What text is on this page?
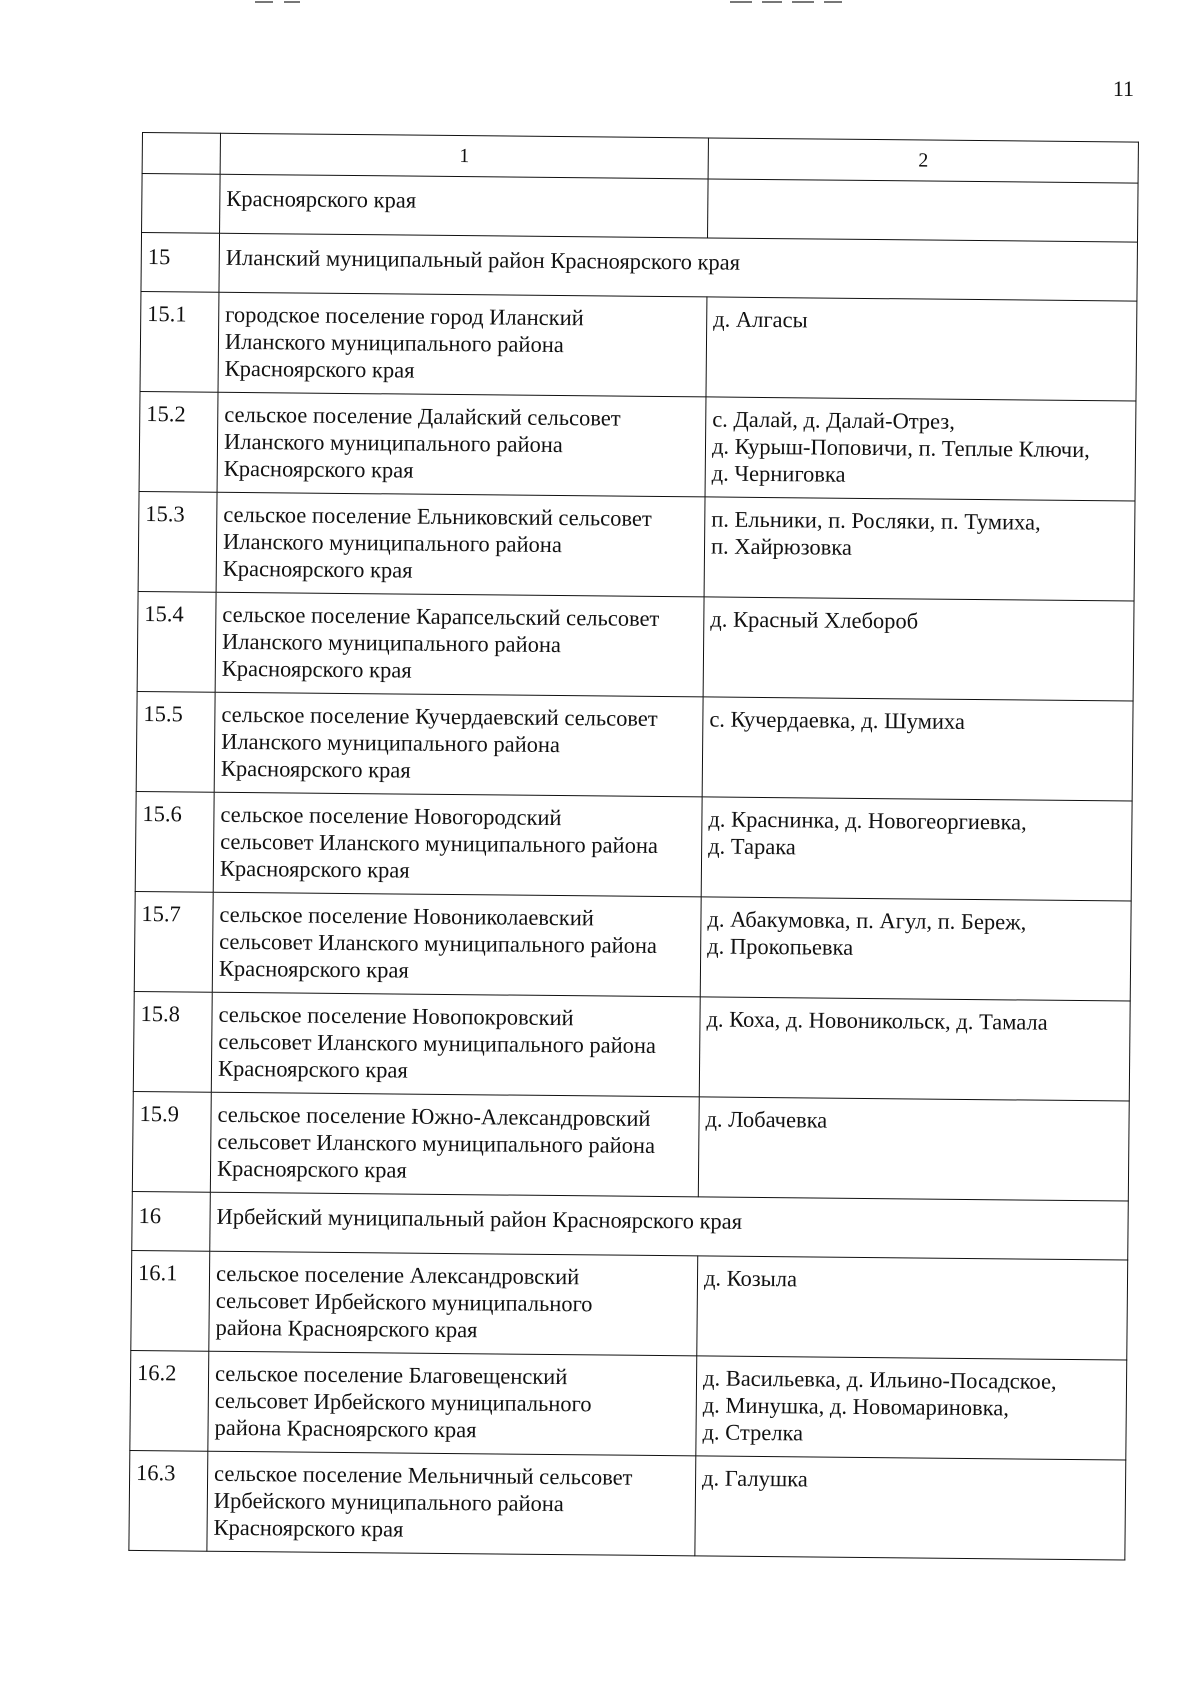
11
	1	2
	Красноярского края	
15	Иланский муниципальный район Красноярского края	

15.1	городское поселение город Иланский
Иланского муниципального района
Красноярского края	д. Алгасы

15.2	сельское поселение Далайский сельсовет
Иланского муниципального района
Красноярского края	с. Далай, д. Далай-Отрез,
д. Курыш-Поповичи, п. Теплые Ключи,
д. Черниговка

15.3	сельское поселение Ельниковский сельсовет
Иланского муниципального района
Красноярского края	п. Ельники, п. Росляки, п. Тумиха,
п. Хайрюзовка

15.4	сельское поселение Карапсельский сельсовет
Иланского муниципального района
Красноярского края	д. Красный Хлебороб

15.5	сельское поселение Кучердаевский сельсовет
Иланского муниципального района
Красноярского края	с. Кучердаевка, д. Шумиха

15.6	сельское поселение Новогородский
сельсовет Иланского муниципального района
Красноярского края	д. Краснинка, д. Новогеоргиевка,
д. Тарака

15.7	сельское поселение Новониколаевский
сельсовет Иланского муниципального района
Красноярского края	д. Абакумовка, п. Агул, п. Береж,
д. Прокопьевка

15.8	сельское поселение Новопокровский
сельсовет Иланского муниципального района
Красноярского края	д. Коха, д. Новоникольск, д. Тамала

15.9	сельское поселение Южно-Александровский
сельсовет Иланского муниципального района
Красноярского края	д. Лобачевка

16	Ирбейский муниципальный район Красноярского края	

16.1	сельское поселение Александровский
сельсовет Ирбейского муниципального
района Красноярского края	д. Козыла

16.2	сельское поселение Благовещенский
сельсовет Ирбейского муниципального
района Красноярского края	д. Васильевка, д. Ильино-Посадское,
д. Минушка, д. Новомариновка,
д. Стрелка

16.3	сельское поселение Мельничный сельсовет
Ирбейского муниципального района
Красноярского края	д. Галушка
